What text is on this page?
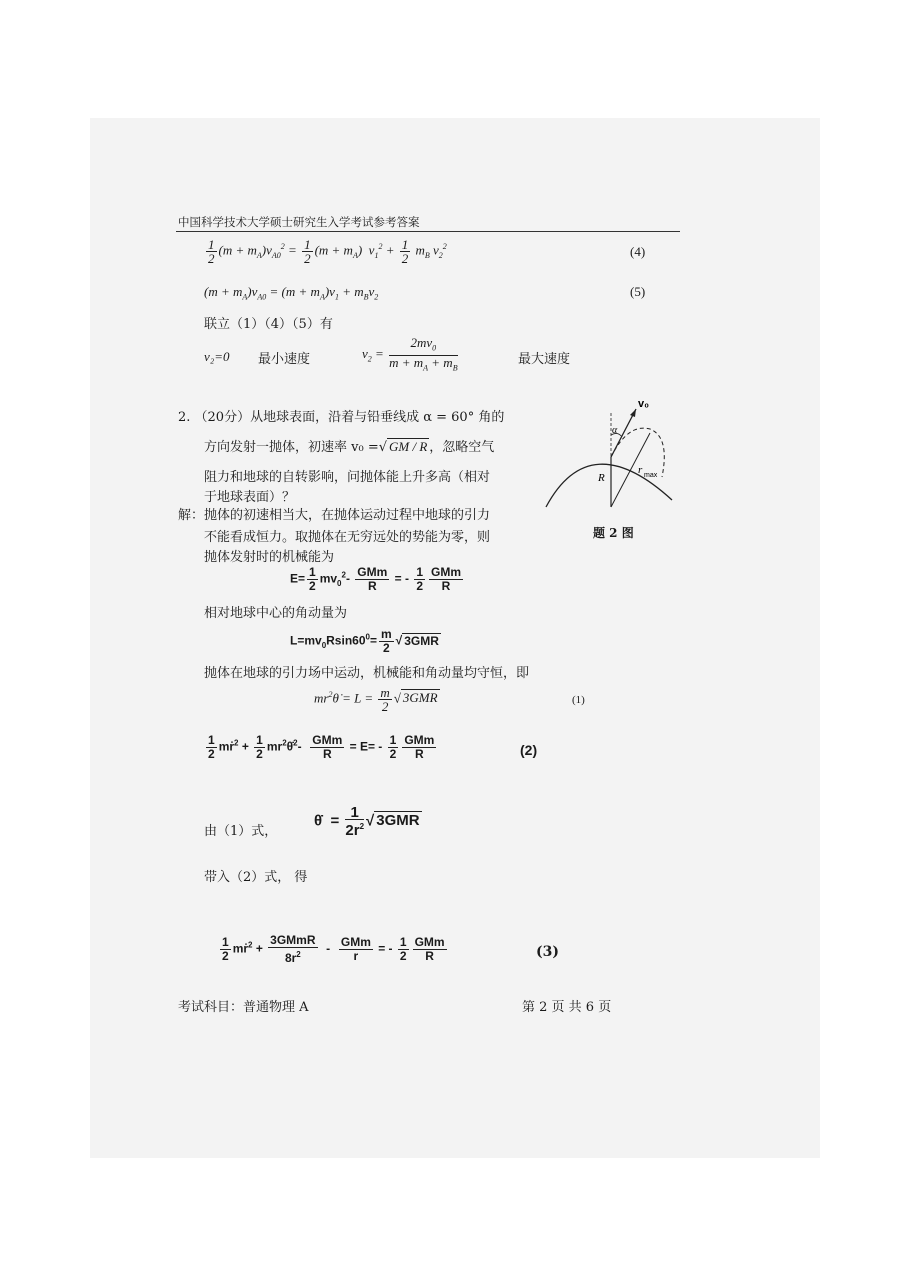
中国科学技术大学硕士研究生入学考试参考答案
$\frac{1}{2} (m + m_A)v_{A0}^2 = \frac{1}{2} (m + m_A) v_1^2 + \frac{1}{2} m_B$ $v_2^2$	(4)
$(m + m_A)v_{A0} = (m + m_A)v_1 + m_Bv_2$	(5)
联立（1）（4）（5）有
v₂=0 最小速度	$v_2 = \frac{2mv_0}{m + m_A + m_B}$	最大速度
2. （20分）从地球表面，沿着与铅垂线成 α = 60° 角的
方向发射一抛体，初速率 v₀ =√ GM / R ，忽略空气
阻力和地球的自转影响，问抛体能上升多高（相对
于地球表面）？
解：抛体的初速相当大，在抛体运动过程中地球的引力
不能看成恒力。取抛体在无穷远处的势能为零，则
抛体发射时的机械能为
v₀
α
R
r max
题 2 图
$E= \frac{1}{2} mv_0^2- \frac{\text{GMm}}{R}$ = - $\frac{1}{2} \frac{\text{GMm}}{R}$
相对地球中心的角动量为
$L=mv_0Rsin60^0= \frac{m}{2}$ √ 3GMR
抛体在地球的引力场中运动，机械能和角动量均守恒，即
$mr^2\thetȧ = L = \frac{m}{2}$ √ 3GMR	(1)
$\frac{1}{2}$ mṙ$^2$ + $\frac{1}{2}$ $mr^2\thetȧ^2- \frac{\text{GMm}}{R} = E= - \frac{1}{2} \frac{\text{GMm}}{R}$	(2)
由（1）式，
θ̇  = $\frac{1}{2r^2}$ √ 3GMR
带入（2）式， 得
$\frac{1}{2}$ mṙ$^2$ + $\frac{\text{3GMmR}}{8r^2} - \frac{\text{GMm}}{r}$ = - $\frac{1}{2} \frac{\text{GMm}}{R}$	(3)
考试科目：普通物理 A	第 2 页 共 6 页
